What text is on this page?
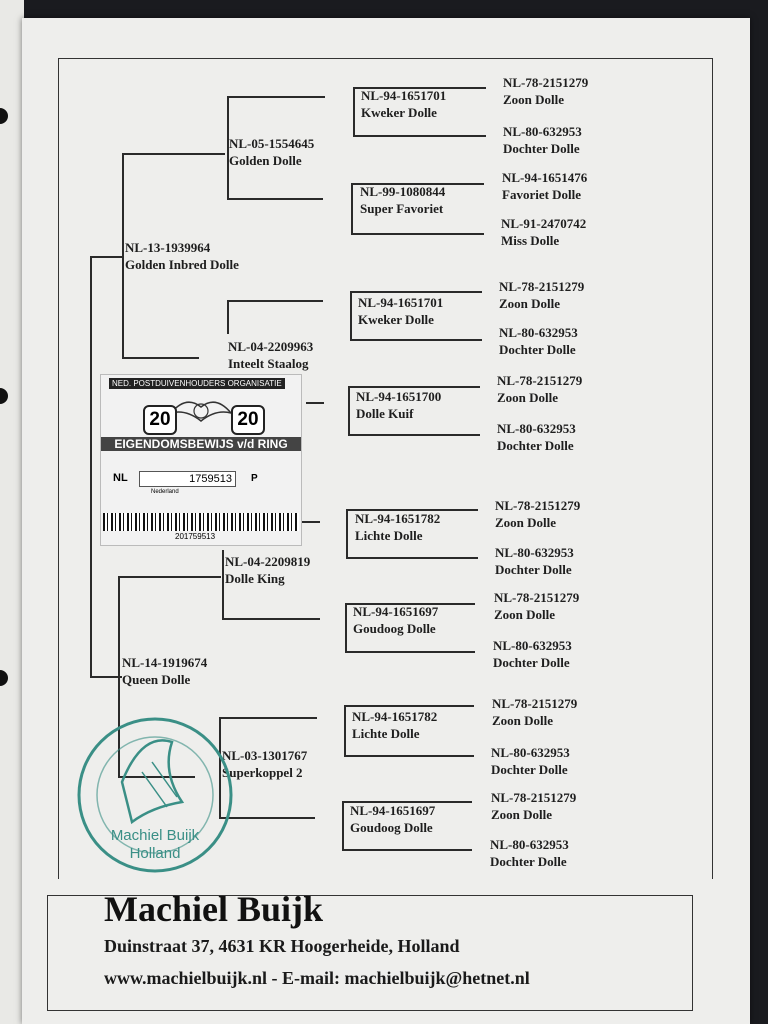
NL-13-1939964
Golden Inbred Dolle
NL-14-1919674
Queen Dolle
NL-05-1554645
Golden Dolle
NL-04-2209963
Inteelt Staalog
NL-04-2209819
Dolle King
NL-03-1301767
Superkoppel 2
NL-94-1651701
Kweker Dolle
NL-99-1080844
Super Favoriet
NL-94-1651701
Kweker Dolle
NL-94-1651700
Dolle Kuif
NL-94-1651782
Lichte Dolle
NL-94-1651697
Goudoog Dolle
NL-94-1651782
Lichte Dolle
NL-94-1651697
Goudoog Dolle
NL-78-2151279
Zoon Dolle
NL-80-632953
Dochter Dolle
NL-94-1651476
Favoriet Dolle
NL-91-2470742
Miss Dolle
NL-78-2151279
Zoon Dolle
NL-80-632953
Dochter Dolle
NL-78-2151279
Zoon Dolle
NL-80-632953
Dochter Dolle
NL-78-2151279
Zoon Dolle
NL-80-632953
Dochter Dolle
NL-78-2151279
Zoon Dolle
NL-80-632953
Dochter Dolle
NL-78-2151279
Zoon Dolle
NL-80-632953
Dochter Dolle
NL-78-2151279
Zoon Dolle
NL-80-632953
Dochter Dolle
NED. POSTDUIVENHOUDERS ORGANISATIE
20	20
EIGENDOMSBEWIJS v/d RING
NL	1759513
Nederland
P
201759513
Machiel Buijk
Holland
Machiel Buijk
Duinstraat 37, 4631 KR Hoogerheide, Holland
www.machielbuijk.nl - E-mail: machielbuijk@hetnet.nl
